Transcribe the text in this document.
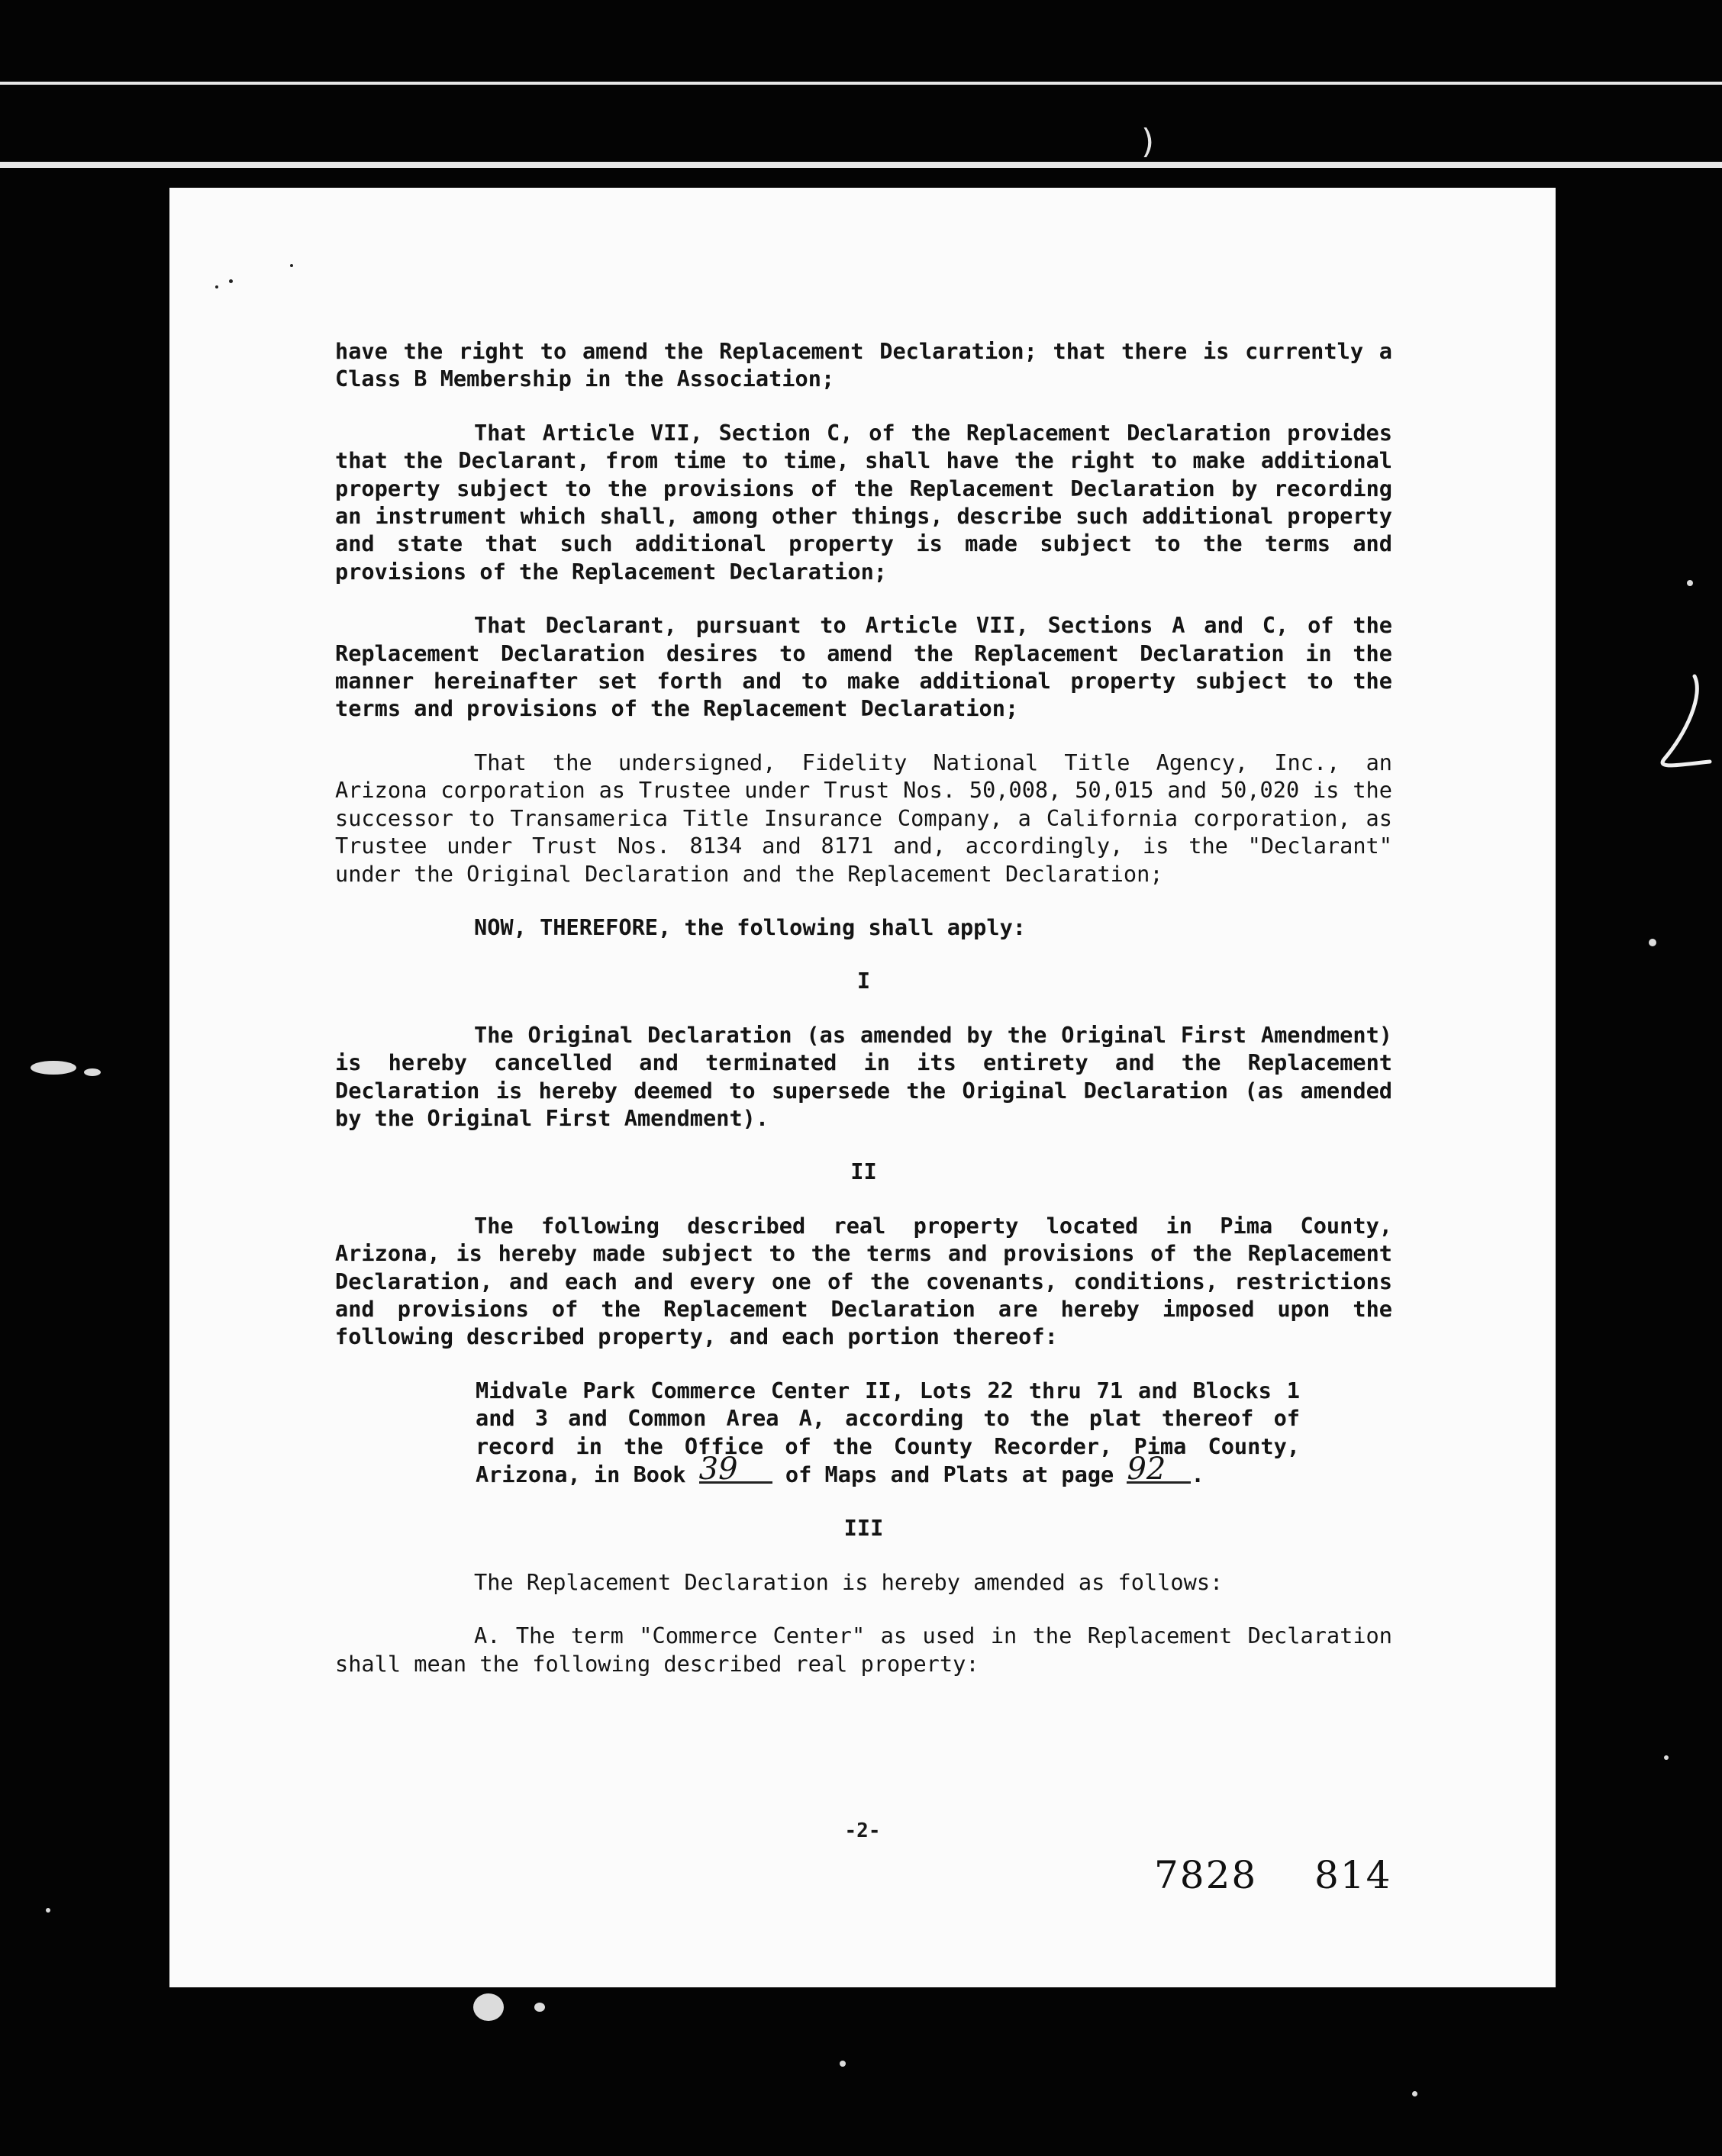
)

have the right to amend the Replacement Declaration; that there is currently a Class B Membership in the Association;

That Article VII, Section C, of the Replacement Declaration provides that the Declarant, from time to time, shall have the right to make additional property subject to the provisions of the Replacement Declaration by recording an instrument which shall, among other things, describe such additional property and state that such additional property is made subject to the terms and provisions of the Replacement Declaration;

That Declarant, pursuant to Article VII, Sections A and C, of the Replacement Declaration desires to amend the Replacement Declaration in the manner hereinafter set forth and to make additional property subject to the terms and provisions of the Replacement Declaration;

That the undersigned, Fidelity National Title Agency, Inc., an Arizona corporation as Trustee under Trust Nos. 50,008, 50,015 and 50,020 is the successor to Transamerica Title Insurance Company, a California corporation, as Trustee under Trust Nos. 8134 and 8171 and, accordingly, is the "Declarant" under the Original Declaration and the Replacement Declaration;

NOW, THEREFORE, the following shall apply:

I

The Original Declaration (as amended by the Original First Amendment) is hereby cancelled and terminated in its entirety and the Replacement Declaration is hereby deemed to supersede the Original Declaration (as amended by the Original First Amendment).

II

The following described real property located in Pima County, Arizona, is hereby made subject to the terms and provisions of the Replacement Declaration, and each and every one of the covenants, conditions, restrictions and provisions of the Replacement Declaration are hereby imposed upon the following described property, and each portion thereof:

Midvale Park Commerce Center II, Lots 22 thru 71 and Blocks 1 and 3 and Common Area A, according to the plat thereof of record in the Office of the County Recorder, Pima County, Arizona, in Book 39 of Maps and Plats at page 92 .

III

The Replacement Declaration is hereby amended as follows:

A. The term "Commerce Center" as used in the Replacement Declaration shall mean the following described real property:

-2-
7828 814
